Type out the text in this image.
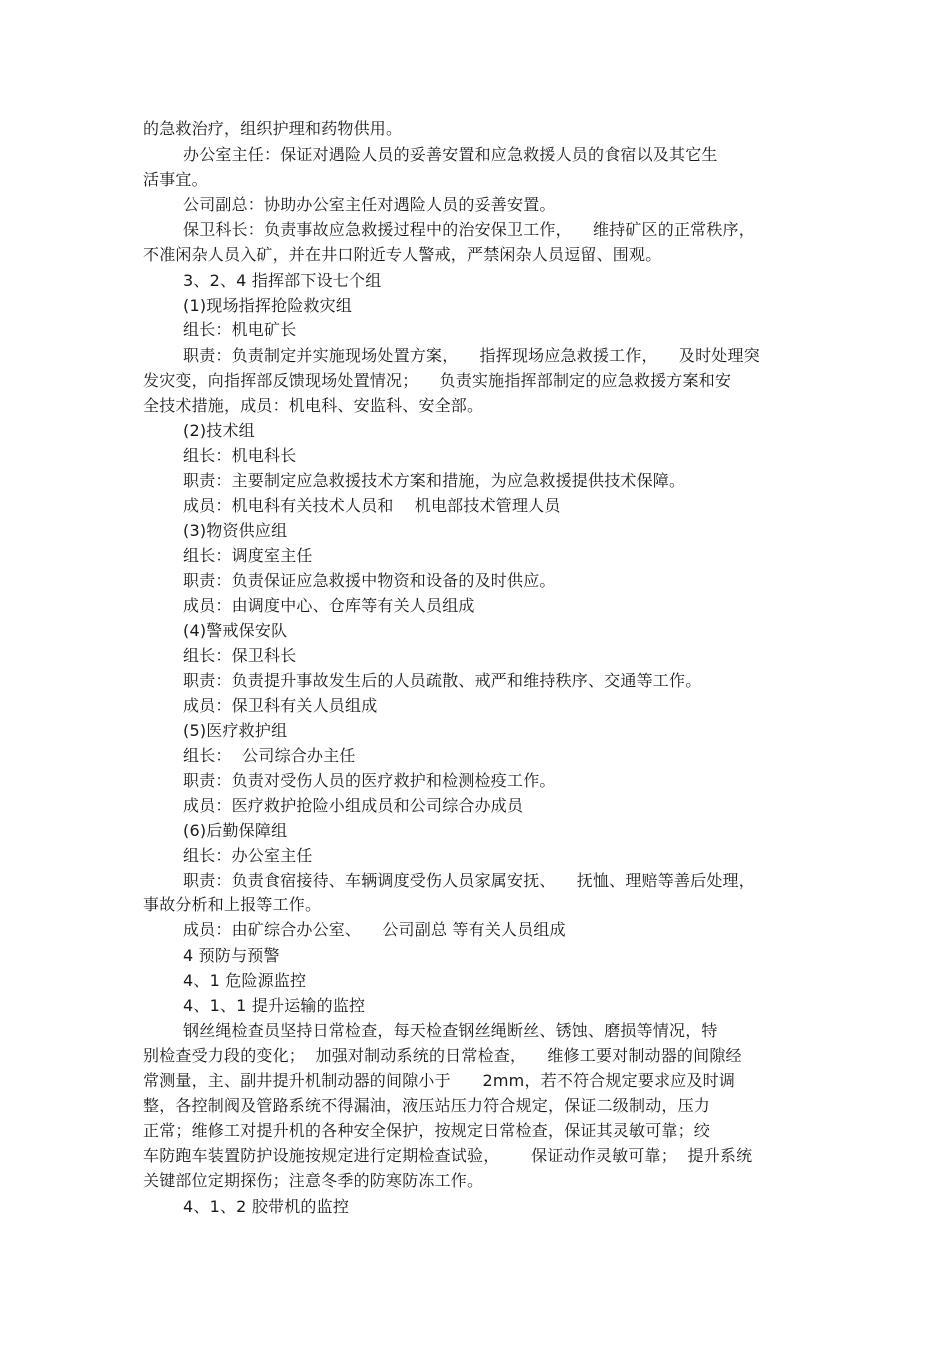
的急救治疗，组织护理和药物供用。
办公室主任：保证对遇险人员的妥善安置和应急救援人员的食宿以及其它生
活事宜。
公司副总：协助办公室主任对遇险人员的妥善安置。
保卫科长：负责事故应急救援过程中的治安保卫工作，    维持矿区的正常秩序，
不准闲杂人员入矿，并在井口附近专人警戒，严禁闲杂人员逗留、围观。
3、2、4 指挥部下设七个组
(1)现场指挥抢险救灾组
组长：机电矿长
职责：负责制定并实施现场处置方案，    指挥现场应急救援工作，    及时处理突
发灾变，向指挥部反馈现场处置情况；    负责实施指挥部制定的应急救援方案和安
全技术措施，成员：机电科、安监科、安全部。
(2)技术组
组长：机电科长
职责：主要制定应急救援技术方案和措施，为应急救援提供技术保障。
成员：机电科有关技术人员和    机电部技术管理人员
(3)物资供应组
组长：调度室主任
职责：负责保证应急救援中物资和设备的及时供应。
成员：由调度中心、仓库等有关人员组成
(4)警戒保安队
组长：保卫科长
职责：负责提升事故发生后的人员疏散、戒严和维持秩序、交通等工作。
成员：保卫科有关人员组成
(5)医疗救护组
组长：  公司综合办主任
职责：负责对受伤人员的医疗救护和检测检疫工作。
成员：医疗救护抢险小组成员和公司综合办成员
(6)后勤保障组
组长：办公室主任
职责：负责食宿接待、车辆调度受伤人员家属安抚、    抚恤、理赔等善后处理，
事故分析和上报等工作。
成员：由矿综合办公室、    公司副总 等有关人员组成
4 预防与预警
4、1 危险源监控
4、1、1 提升运输的监控
钢丝绳检查员坚持日常检查，每天检查钢丝绳断丝、锈蚀、磨损等情况，特
别检查受力段的变化；  加强对制动系统的日常检查，    维修工要对制动器的间隙经
常测量，主、副井提升机制动器的间隙小于      2mm，若不符合规定要求应及时调
整，各控制阀及管路系统不得漏油，液压站压力符合规定，保证二级制动，压力
正常；维修工对提升机的各种安全保护，按规定日常检查，保证其灵敏可靠；绞
车防跑车装置防护设施按规定进行定期检查试验，      保证动作灵敏可靠；  提升系统
关键部位定期探伤；注意冬季的防寒防冻工作。
4、1、2 胶带机的监控
